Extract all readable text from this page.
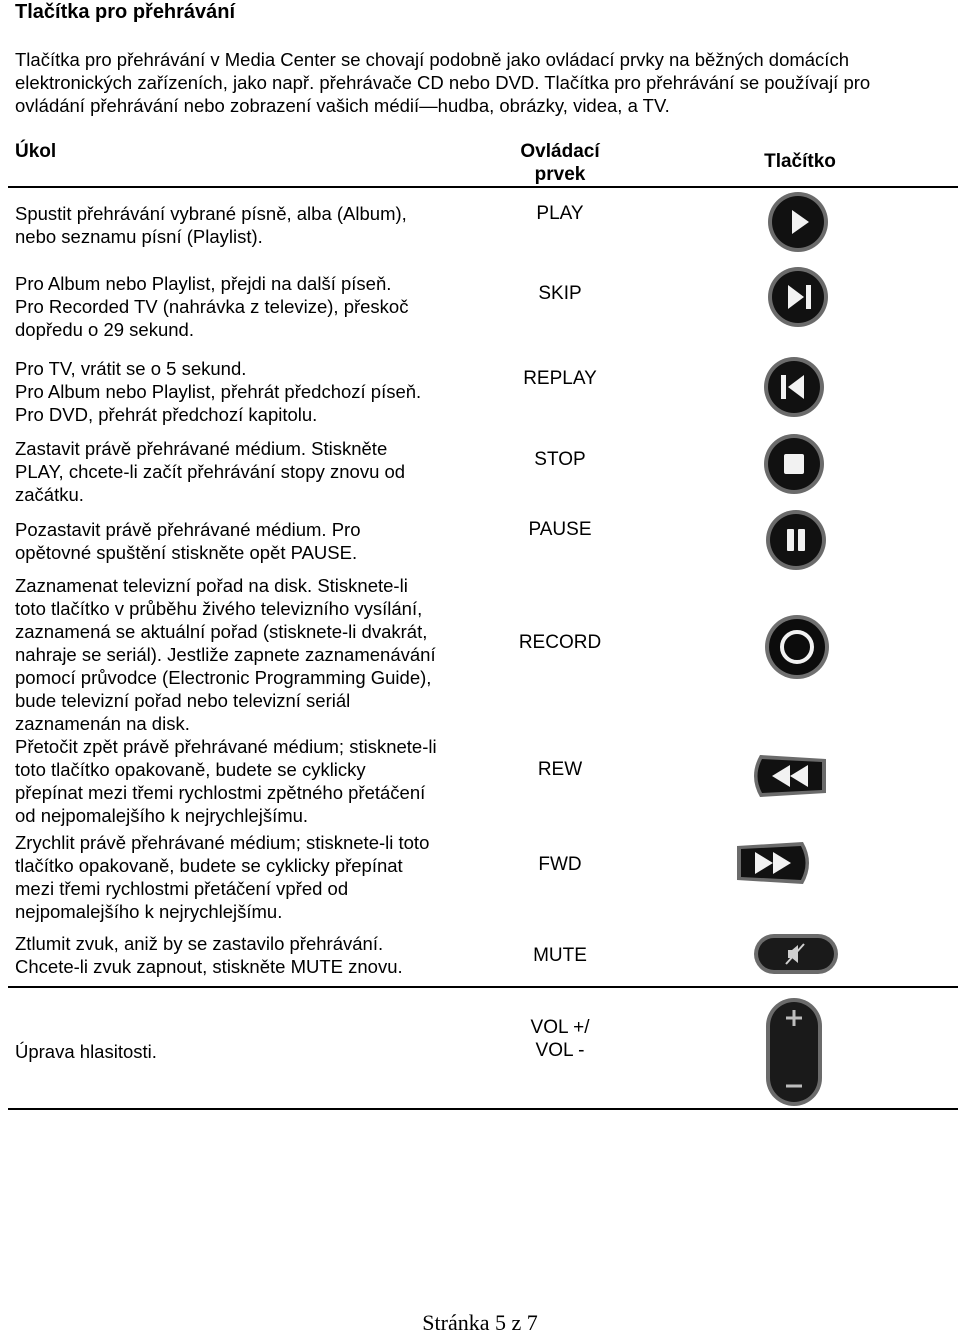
Tlačítka pro přehrávání
Tlačítka pro přehrávání v Media Center se chovají podobně jako ovládací prvky na běžných domácích
elektronických zařízeních, jako např. přehrávače CD nebo DVD. Tlačítka pro přehrávání se používají pro
ovládání přehrávání nebo zobrazení vašich médií—hudba, obrázky, videa, a TV.
Úkol	Ovládací
prvek
Tlačítko
Spustit přehrávání vybrané písně, alba (Album),
nebo seznamu písní (Playlist).
PLAY
Pro Album nebo Playlist, přejdi na další píseň.
Pro Recorded TV (nahrávka z televize), přeskoč
dopředu o 29 sekund.
SKIP
Pro TV, vrátit se o 5 sekund.
Pro Album nebo Playlist, přehrát předchozí píseň.
Pro DVD, přehrát předchozí kapitolu.
REPLAY
Zastavit právě přehrávané médium. Stiskněte
PLAY, chcete-li začít přehrávání stopy znovu od
začátku.
STOP
Pozastavit právě přehrávané médium. Pro
opětovné spuštění stiskněte opět PAUSE.
PAUSE
Zaznamenat televizní pořad na disk. Stisknete-li
toto tlačítko v průběhu živého televizního vysílání,
zaznamená se aktuální pořad (stisknete-li dvakrát,
nahraje se seriál). Jestliže zapnete zaznamenávání
pomocí průvodce (Electronic Programming Guide),
bude televizní pořad nebo televizní seriál
zaznamenán na disk.
RECORD
Přetočit zpět právě přehrávané médium; stisknete-li
toto tlačítko opakovaně, budete se cyklicky
přepínat mezi třemi rychlostmi zpětného přetáčení
od nejpomalejšího k nejrychlejšímu.
REW
Zrychlit právě přehrávané médium; stisknete-li toto
tlačítko opakovaně, budete se cyklicky přepínat
mezi třemi rychlostmi přetáčení vpřed od
nejpomalejšího k nejrychlejšímu.
FWD
Ztlumit zvuk, aniž by se zastavilo přehrávání.
Chcete-li zvuk zapnout, stiskněte MUTE znovu.
MUTE
Úprava hlasitosti.
VOL +/
VOL -
Stránka 5 z 7
